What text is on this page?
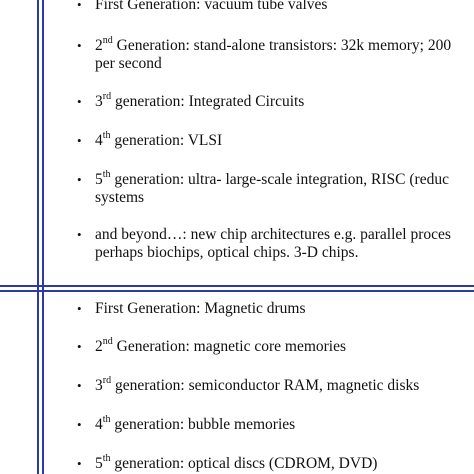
• First Generation: vacuum tube valves
• 2nd Generation: stand-alone transistors: 32k memory; 200
per second
• 3rd generation: Integrated Circuits
• 4th generation: VLSI
• 5th generation: ultra- large-scale integration, RISC (reduc
systems
• and beyond…: new chip architectures e.g. parallel proces
perhaps biochips, optical chips. 3-D chips.
• First Generation: Magnetic drums
• 2nd Generation: magnetic core memories
• 3rd generation: semiconductor RAM, magnetic disks
• 4th generation: bubble memories
• 5th generation: optical discs (CDROM, DVD)
